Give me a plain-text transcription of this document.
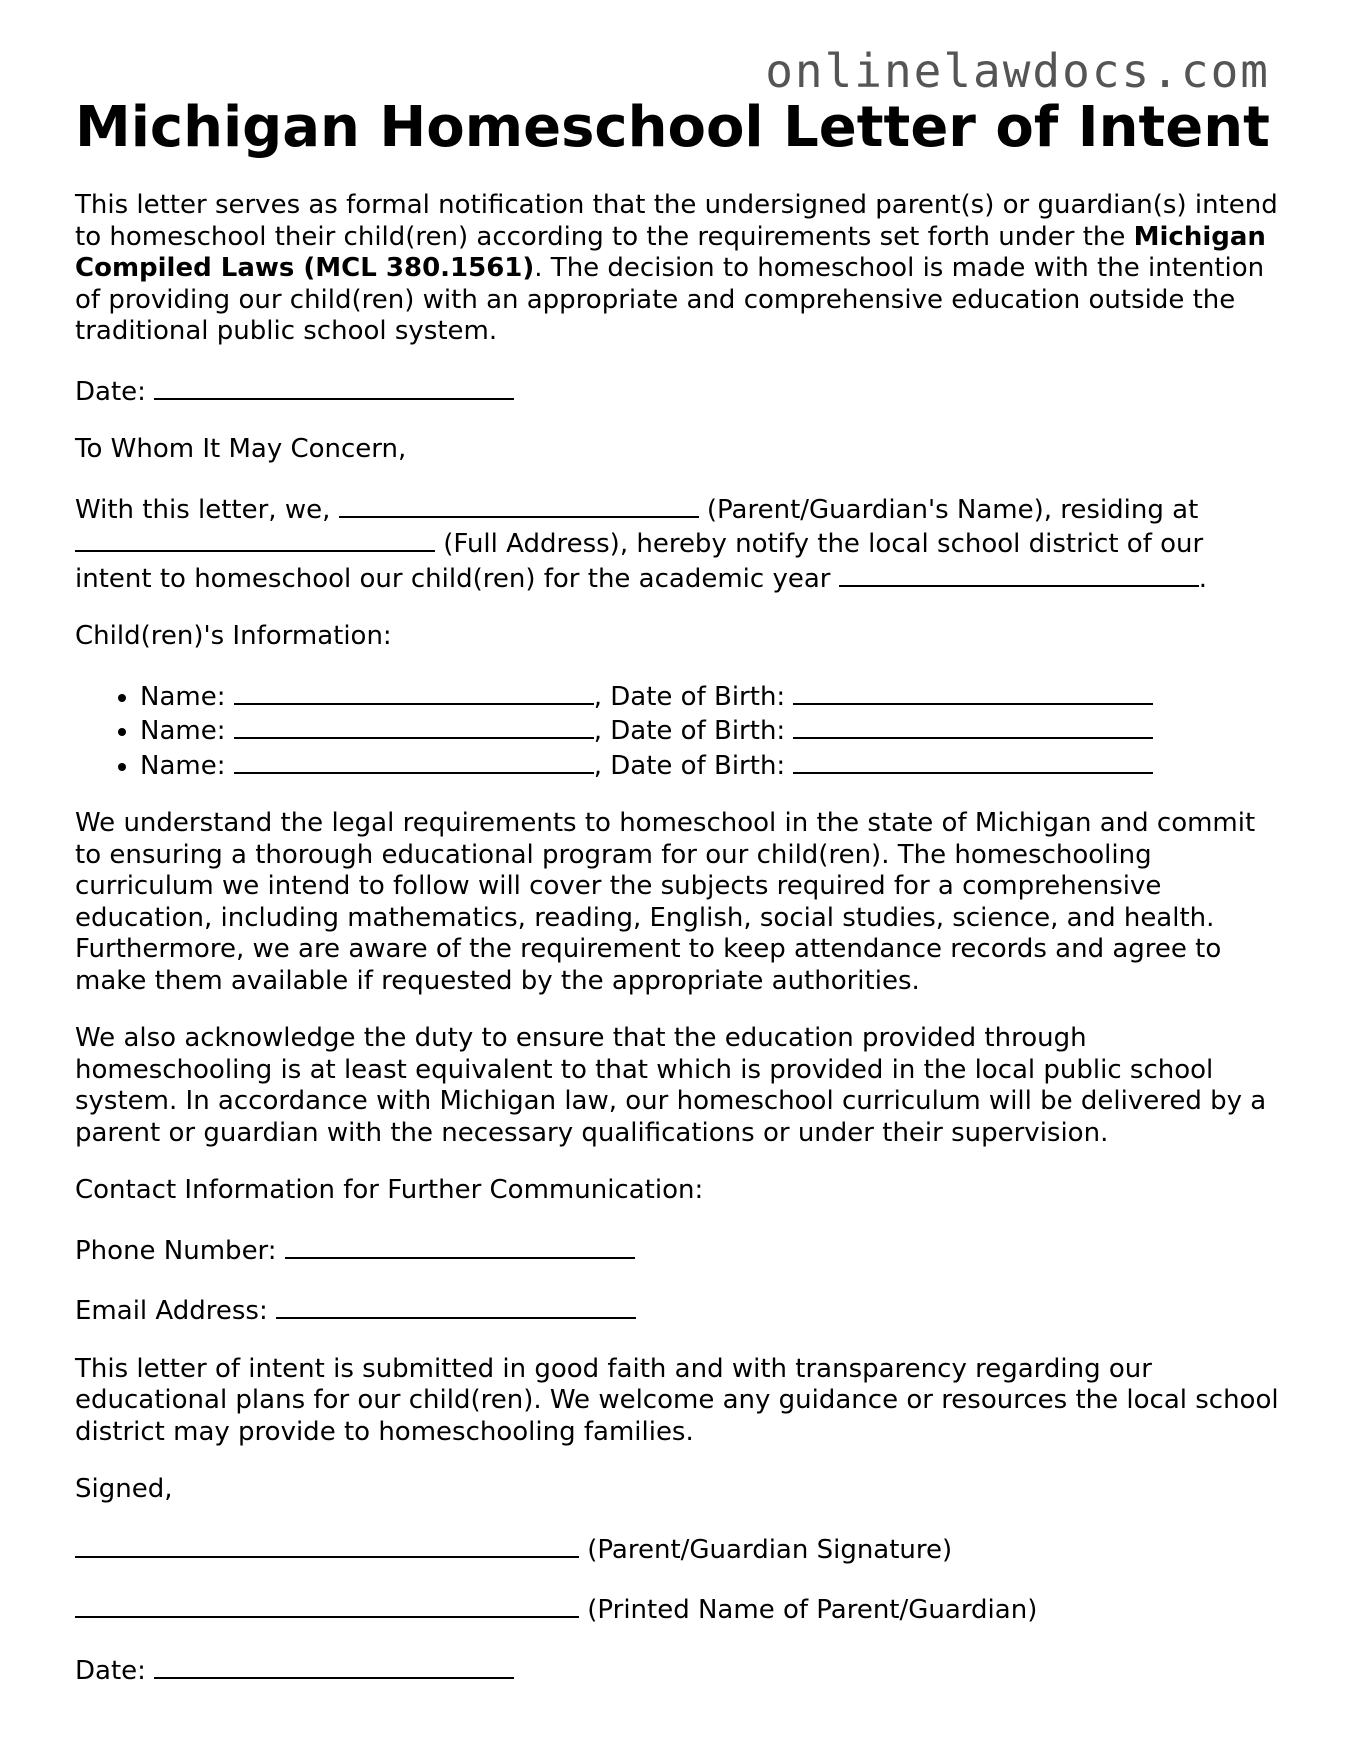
onlinelawdocs.com
Michigan Homeschool Letter of Intent

This letter serves as formal notification that the undersigned parent(s) or guardian(s) intend to homeschool their child(ren) according to the requirements set forth under the Michigan Compiled Laws (MCL 380.1561). The decision to homeschool is made with the intention of providing our child(ren) with an appropriate and comprehensive education outside the traditional public school system.

Date:

To Whom It May Concern,

With this letter, we,	(Parent/Guardian's Name), residing at  (Full Address), hereby notify the local school district of our intent to homeschool our child(ren) for the academic year	.

Child(ren)'s Information:

• Name:	, Date of Birth:
• Name:	, Date of Birth:
• Name:	, Date of Birth:

We understand the legal requirements to homeschool in the state of Michigan and commit to ensuring a thorough educational program for our child(ren). The homeschooling curriculum we intend to follow will cover the subjects required for a comprehensive education, including mathematics, reading, English, social studies, science, and health. Furthermore, we are aware of the requirement to keep attendance records and agree to make them available if requested by the appropriate authorities.

We also acknowledge the duty to ensure that the education provided through homeschooling is at least equivalent to that which is provided in the local public school system. In accordance with Michigan law, our homeschool curriculum will be delivered by a parent or guardian with the necessary qualifications or under their supervision.

Contact Information for Further Communication:

Phone Number:

Email Address:

This letter of intent is submitted in good faith and with transparency regarding our educational plans for our child(ren). We welcome any guidance or resources the local school district may provide to homeschooling families.

Signed,

(Parent/Guardian Signature)

(Printed Name of Parent/Guardian)

Date:
